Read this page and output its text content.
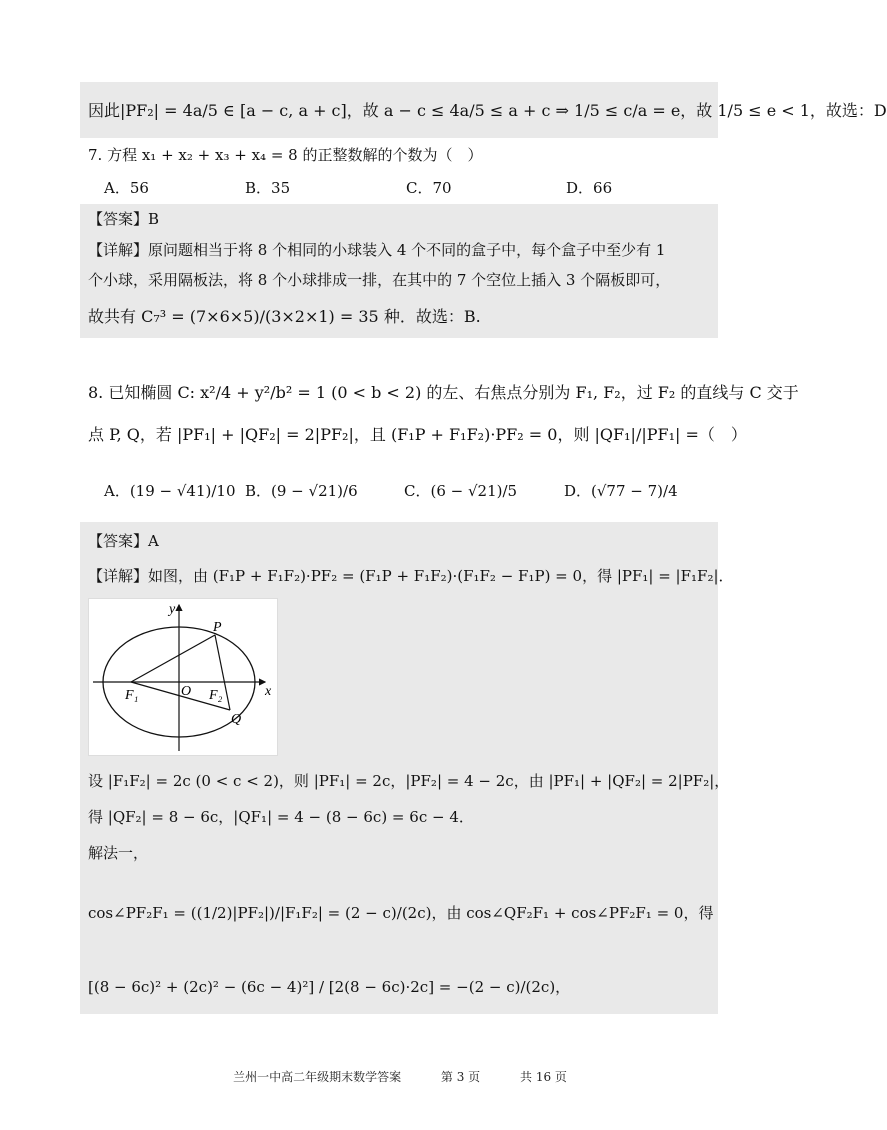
因此|PF₂| = 4a/5 ∈ [a − c, a + c]，故 a − c ≤ 4a/5 ≤ a + c ⇒ 1/5 ≤ c/a = e，故 1/5 ≤ e < 1，故选：D
7. 方程 x₁ + x₂ + x₃ + x₄ = 8 的正整数解的个数为（　）
A．56	B．35	C．70	D．66
【答案】B
【详解】原问题相当于将 8 个相同的小球装入 4 个不同的盒子中，每个盒子中至少有 1
个小球，采用隔板法，将 8 个小球排成一排，在其中的 7 个空位上插入 3 个隔板即可，
故共有 C₇³ = (7×6×5)/(3×2×1) = 35 种．故选：B.
8. 已知椭圆 C: x²/4 + y²/b² = 1 (0 < b < 2) 的左、右焦点分别为 F₁, F₂，过 F₂ 的直线与 C 交于
点 P, Q，若 |PF₁| + |QF₂| = 2|PF₂|，且 (F₁P + F₁F₂)·PF₂ = 0，则 |QF₁|/|PF₁| =（　）
A．(19 − √41)/10 B．(9 − √21)/6	C．(6 − √21)/5	D．(√77 − 7)/4
【答案】A
【详解】如图，由 (F₁P + F₁F₂)·PF₂ = (F₁P + F₁F₂)·(F₁F₂ − F₁P) = 0，得 |PF₁| = |F₁F₂|．
y
x
P
O
F₁	F₂
Q
设 |F₁F₂| = 2c (0 < c < 2)，则 |PF₁| = 2c，|PF₂| = 4 − 2c，由 |PF₁| + |QF₂| = 2|PF₂|，
得 |QF₂| = 8 − 6c，|QF₁| = 4 − (8 − 6c) = 6c − 4．
解法一，
cos∠PF₂F₁ = ((1/2)|PF₂|)/|F₁F₂| = (2 − c)/(2c)，由 cos∠QF₂F₁ + cos∠PF₂F₁ = 0，得
[(8 − 6c)² + (2c)² − (6c − 4)²] / [2(8 − 6c)·2c] = −(2 − c)/(2c)，
兰州一中高二年级期末数学答案	第 3 页	共 16 页
